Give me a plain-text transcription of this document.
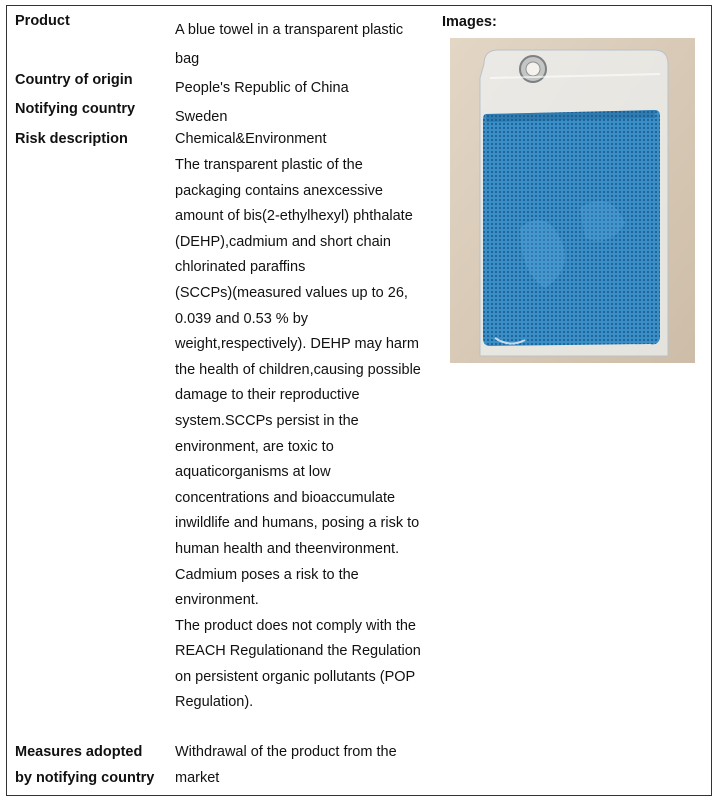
Product
Country of origin
Notifying country
Risk description
Measures adopted
by notifying country
A blue towel in a transparent plastic
bag
People's Republic of China
Sweden
Chemical&Environment
The transparent plastic of the
packaging contains anexcessive
amount of bis(2-ethylhexyl) phthalate
(DEHP),cadmium and short chain
chlorinated paraffins
(SCCPs)(measured values up to 26,
0.039 and 0.53 % by
weight,respectively). DEHP may harm
the health of children,causing possible
damage to their reproductive
system.SCCPs persist in the
environment, are toxic to
aquaticorganisms at low
concentrations and bioaccumulate
inwildlife and humans, posing a risk to
human health and theenvironment.
Cadmium poses a risk to the
environment.
The product does not comply with the
REACH Regulationand the Regulation
on persistent organic pollutants (POP
Regulation).
Withdrawal of the product from the
market
Images:
